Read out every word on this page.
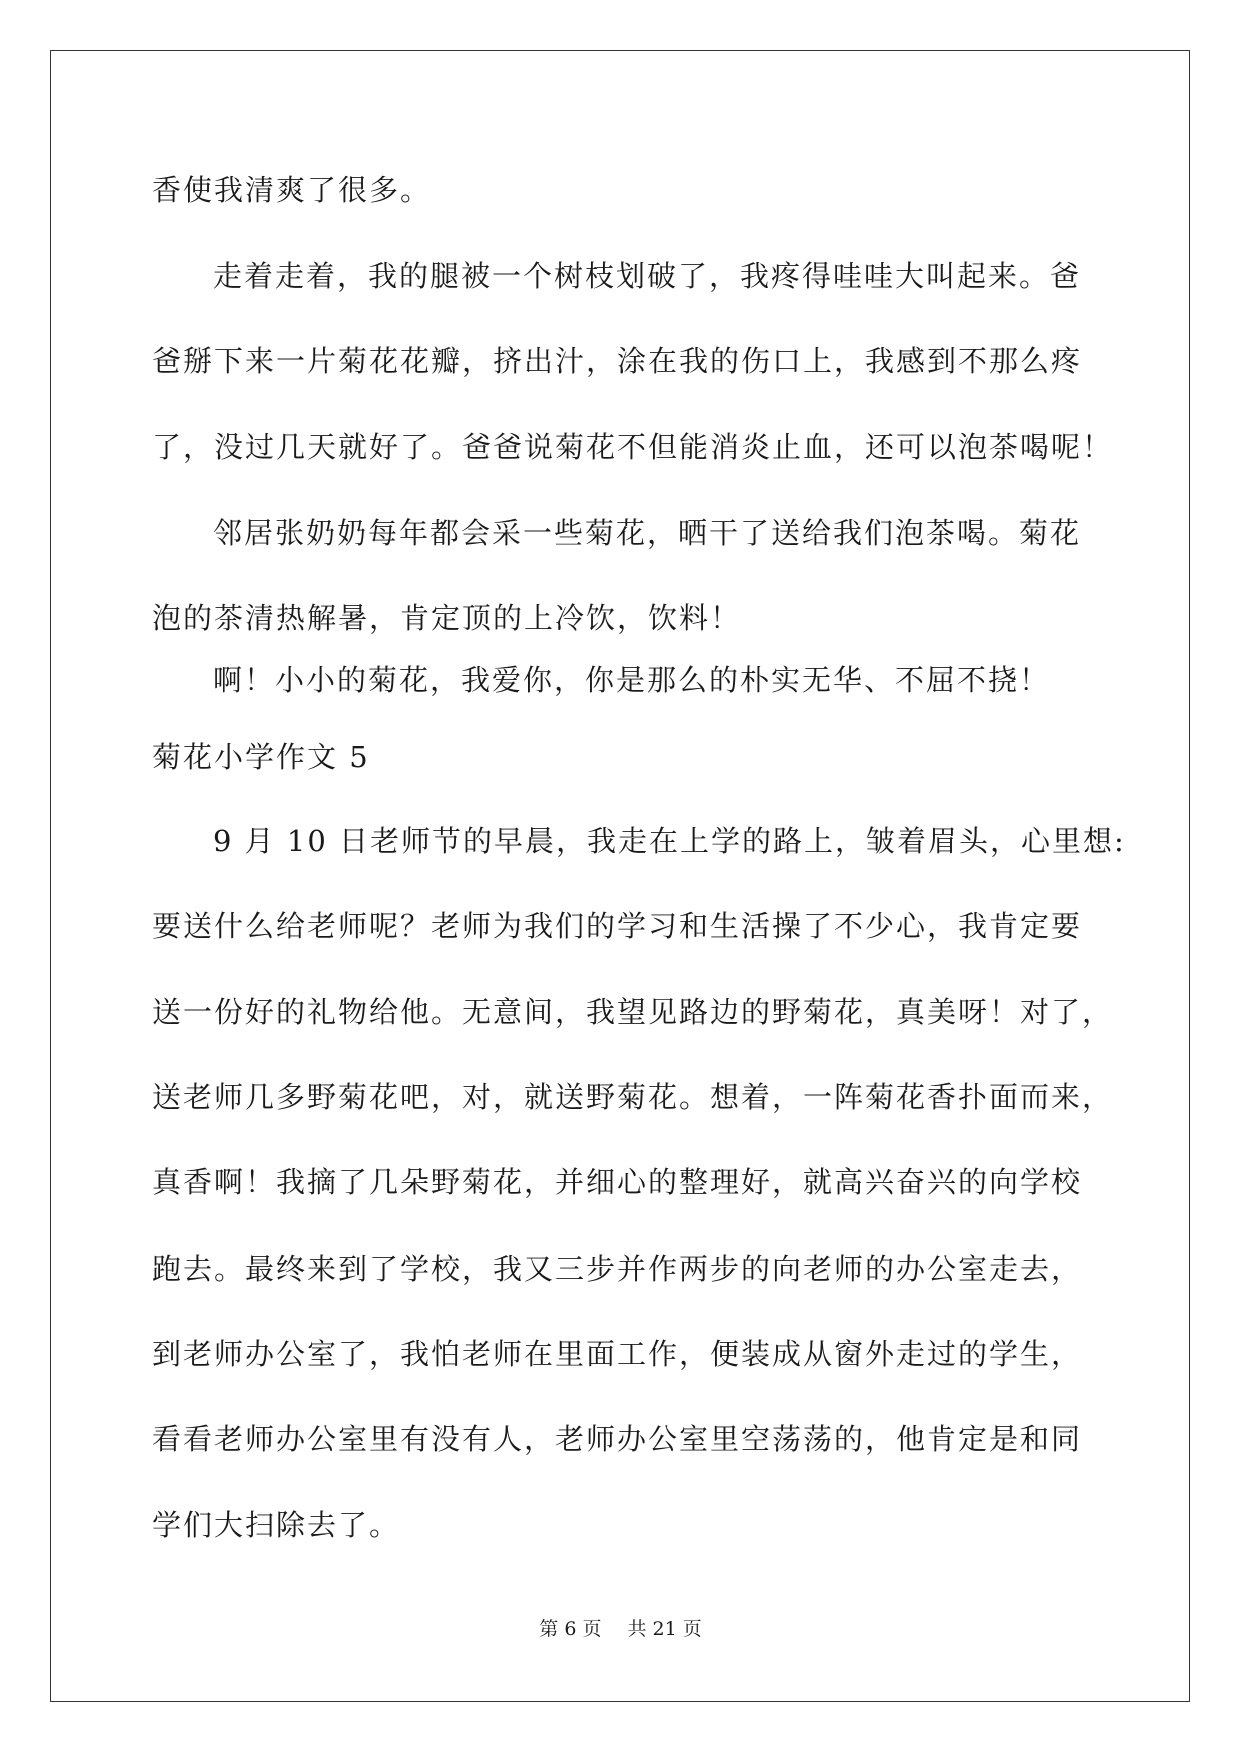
香使我清爽了很多。
走着走着，我的腿被一个树枝划破了，我疼得哇哇大叫起来。爸
爸掰下来一片菊花花瓣，挤出汁，涂在我的伤口上，我感到不那么疼
了，没过几天就好了。爸爸说菊花不但能消炎止血，还可以泡茶喝呢！
邻居张奶奶每年都会采一些菊花，晒干了送给我们泡茶喝。菊花
泡的茶清热解暑，肯定顶的上冷饮，饮料！
啊！小小的菊花，我爱你，你是那么的朴实无华、不屈不挠！
菊花小学作文 5
9 月 10 日老师节的早晨，我走在上学的路上，皱着眉头，心里想:
要送什么给老师呢？老师为我们的学习和生活操了不少心，我肯定要
送一份好的礼物给他。无意间，我望见路边的野菊花，真美呀！对了，
送老师几多野菊花吧，对，就送野菊花。想着，一阵菊花香扑面而来，
真香啊！我摘了几朵野菊花，并细心的整理好，就高兴奋兴的向学校
跑去。最终来到了学校，我又三步并作两步的向老师的办公室走去，
到老师办公室了，我怕老师在里面工作，便装成从窗外走过的学生，
看看老师办公室里有没有人，老师办公室里空荡荡的，他肯定是和同
学们大扫除去了。
第 6 页 共 21 页
